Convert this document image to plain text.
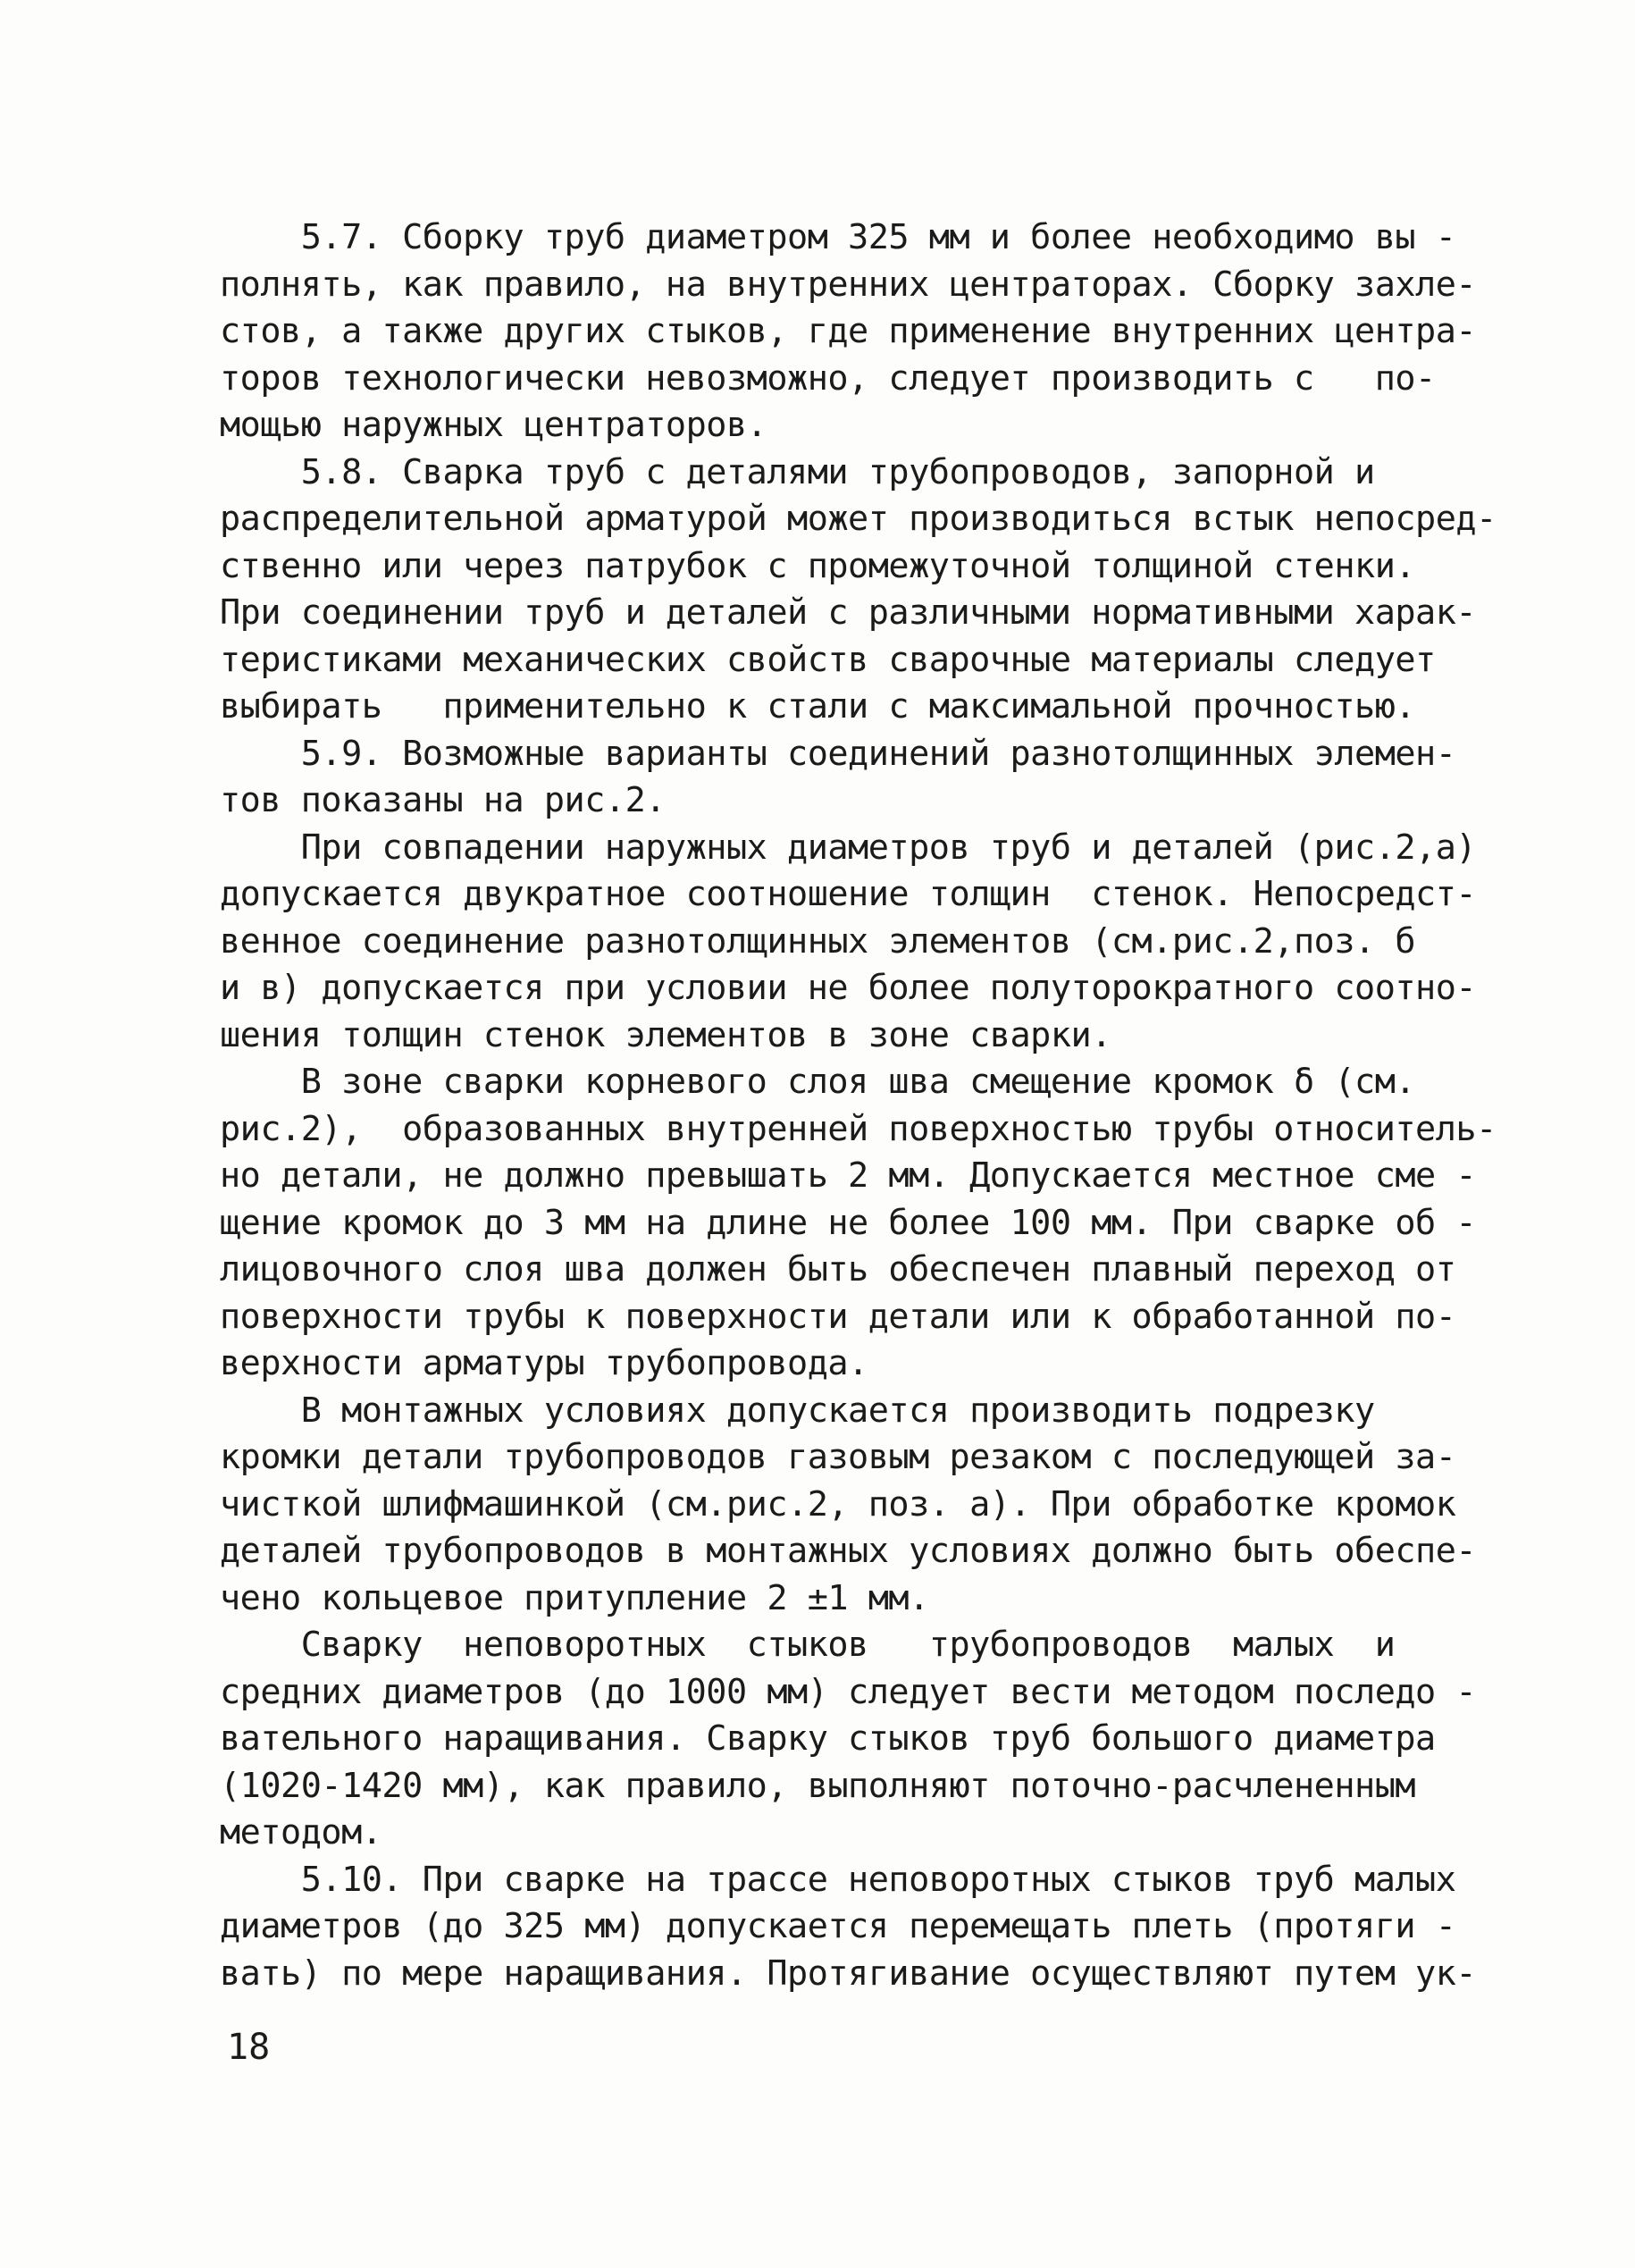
5.7. Сборку труб диаметром 325 мм и более необходимо вы -
полнять, как правило, на внутренних центраторах. Сборку захле-
стов, а также других стыков, где применение внутренних центра-
торов технологически невозможно, следует производить с   по-
мощью наружных центраторов.
5.8. Сварка труб с деталями трубопроводов, запорной и
распределительной арматурой может производиться встык непосред-
ственно или через патрубок с промежуточной толщиной стенки.
При соединении труб и деталей с различными нормативными харак-
теристиками механических свойств сварочные материалы следует
выбирать   применительно к стали с максимальной прочностью.
5.9. Возможные варианты соединений разнотолщинных элемен-
тов показаны на рис.2.
При совпадении наружных диаметров труб и деталей (рис.2,а)
допускается двукратное соотношение толщин  стенок. Непосредст-
венное соединение разнотолщинных элементов (см.рис.2,поз. б
и в) допускается при условии не более полуторократного соотно-
шения толщин стенок элементов в зоне сварки.
В зоне сварки корневого слоя шва смещение кромок δ (см.
рис.2),  образованных внутренней поверхностью трубы относитель-
но детали, не должно превышать 2 мм. Допускается местное сме -
щение кромок до 3 мм на длине не более 100 мм. При сварке об -
лицовочного слоя шва должен быть обеспечен плавный переход от
поверхности трубы к поверхности детали или к обработанной по-
верхности арматуры трубопровода.
В монтажных условиях допускается производить подрезку
кромки детали трубопроводов газовым резаком с последующей за-
чисткой шлифмашинкой (см.рис.2, поз. а). При обработке кромок
деталей трубопроводов в монтажных условиях должно быть обеспе-
чено кольцевое притупление 2 ±1 мм.
Сварку  неповоротных  стыков   трубопроводов  малых  и
средних диаметров (до 1000 мм) следует вести методом последо -
вательного наращивания. Сварку стыков труб большого диаметра
(1020-1420 мм), как правило, выполняют поточно-расчлененным
методом.
5.10. При сварке на трассе неповоротных стыков труб малых
диаметров (до 325 мм) допускается перемещать плеть (протяги -
вать) по мере наращивания. Протягивание осуществляют путем ук-
18
